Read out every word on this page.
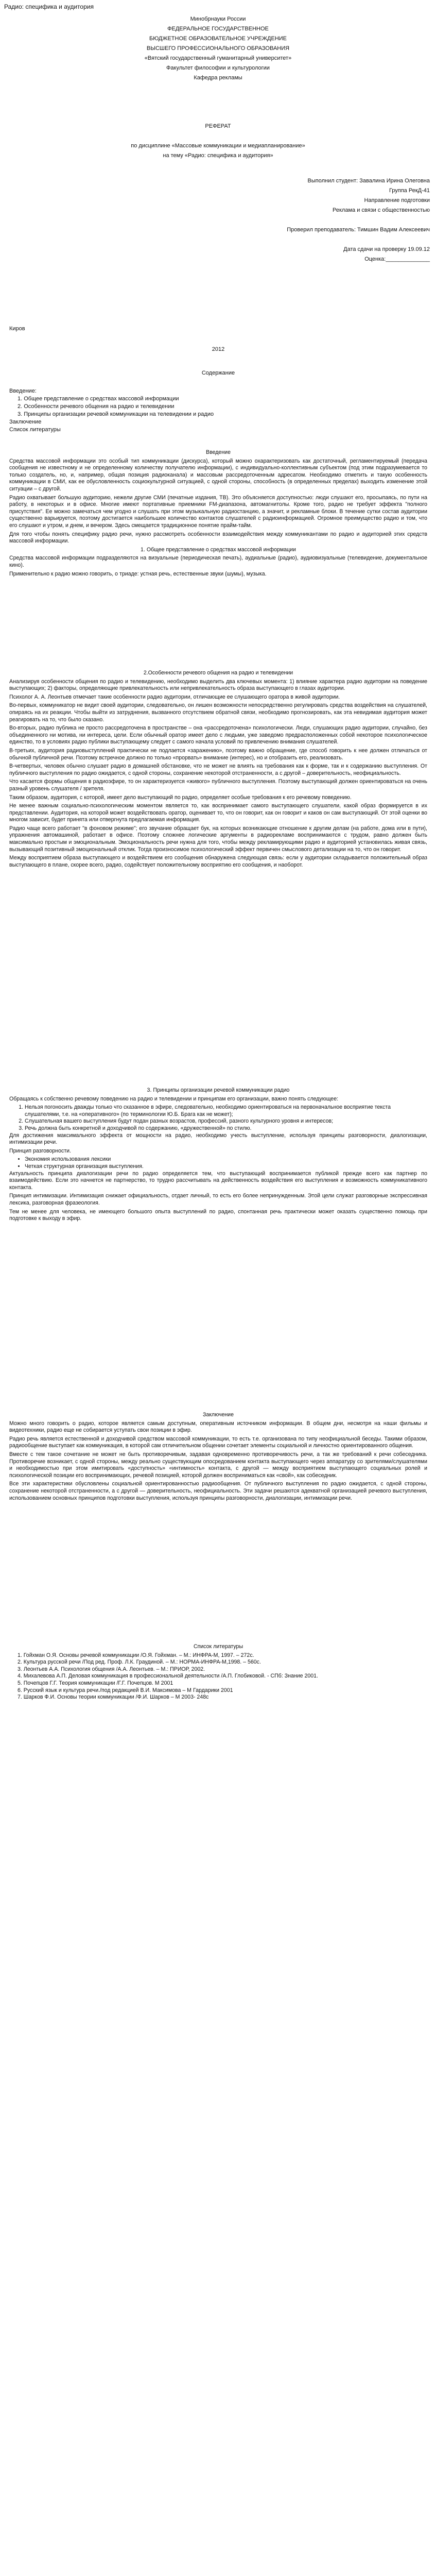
Радио: специфика и аудитория
Минобрнауки России
ФЕДЕРАЛЬНОЕ ГОСУДАРСТВЕННОЕ
БЮДЖЕТНОЕ ОБРАЗОВАТЕЛЬНОЕ УЧРЕЖДЕНИЕ
ВЫСШЕГО ПРОФЕССИОНАЛЬНОГО ОБРАЗОВАНИЯ
«Вятский государственный гуманитарный университет»
Факультет философии и культурологии
Кафедра рекламы
РЕФЕРАТ
по дисциплине «Массовые коммуникации и медиапланирование»
на тему «Радио: специфика и аудитория»
Выполнил студент: Завалина Ирина Олеговна
Группа РекД-41
Направление подготовки
Реклама и связи с общественностью
Проверил преподаватель: Тимшин Вадим Алексеевич
Дата сдачи на проверку 19.09.12
Оценка:______________
Киров
2012
Содержание
Введение:
1. Общее представление о средствах массовой информации
2. Особенности речевого общения на радио и телевидении
3. Принципы организации речевой коммуникации на телевидении и радио
Заключение
Список литературы

Введение

Средства массовой информации это особый тип коммуникации (дискурса), который можно охарактеризовать как достаточный, регламентируемый (передача сообщения не известному и не определенному количеству получателю информации), с индивидуально-коллективным субъектом (под этим подразумевается то только создатель, но, и, например, общая позиция радиоканала) и массовым рассредоточенным адресатом. Необходимо отметить и такую особенность коммуникации в СМИ, как ее обусловленность социокультурной ситуацией, с одной стороны, способность (в определенных пределах) выходить изменение этой ситуации – с другой.

Радио охватывает большую аудиторию, нежели другие СМИ (печатные издания, ТВ). Это объясняется доступностью: люди слушают его, просыпаясь, по пути на работу, в некоторых и в офисе. Многие имеют портативные приемники FM-диапазона, автомагнитолы. Кроме того, радио не требует эффекта "полного присутствия". Ее можно замечаться чем угодно и слушать при этом музыкальную радиостанцию, а значит, и рекламные блоки. В течение сутки состав аудитории существенно варьируется, поэтому достигается наибольшее количество контактов слушателей с радиоинформацией. Огромное преимущество радио и том, что его слушают и утром, и днем, и вечером. Здесь смещается традиционное понятие прайм-тайм.

Для того чтобы понять специфику радио речи, нужно рассмотреть особенности взаимодействия между коммуникантами по радио и аудиторией этих средств массовой информации.

1. Общее представление о средствах массовой информации

Средства массовой информации подразделяются на визуальные (периодическая печать), аудиальные (радио), аудиовизуальные (телевидение, документальное кино).

Применительно к радио можно говорить, о триаде: устная речь, естественные звуки (шумы), музыка.

2.Особенности речевого общения на радио и телевидении

Анализируя особенности общения по радио и телевидению, необходимо выделить два ключевых момента: 1) влияние характера радио аудитории на поведение выступающих; 2) факторы, определяющие привлекательность или непривлекательность образа выступающего в глазах аудитории.

Психолог А. А. Леонтьев отмечает такие особенности радио аудитории, отличающие ее слушающего оратора в живой аудитории.

Во-первых, коммуникатор не видит своей аудитории, следовательно, он лишен возможности непосредственно регулировать средства воздействия на слушателей, опираясь на их реакции. Чтобы выйти из затруднения, вызванного отсутствием обратной связи, необходимо прогнозировать, как эта невидимая аудитория может реагировать на то, что было сказано.

Во-вторых, радио публика не просто рассредоточена в пространстве – она «рассредоточена» психологически. Люди, слушающих радио аудитории, случайно, без объединенного ни мотива, ни интереса, цели. Если обычный оратор имеет дело с людьми, уже заведомо предрасположенных собой некоторое психологическое единство, то в условиях радио публики выступающему следует с самого начала условий по привлечению внимания слушателей.

В-третьих, аудитория радиовыступлений практически не подлается «заражению», поэтому важно обращение, где способ говорить к нее должен отличаться от обычной публичной речи. Поэтому встречное должно по только «прорвать» внимание (интерес), но и отобразить его, реализовать.

В-четвертых, человек обычно слушает радио в домашней обстановке, что не может не влиять на требования как к форме, так и к содержанию выступления. От публичного выступления по радио ожидается, с одной стороны, сохранение некоторой отстраненности, а с другой – доверительность, неофициальность.

Что касается формы общения в радиоэфире, то он характеризуется «живого» публичного выступления. Поэтому выступающий должен ориентироваться на очень разный уровень слушателя / зрителя.

Таким образом, аудитория, с которой, имеет дело выступающий по радио, определяет особые требования к его речевому поведению.

Не менее важным социально-психологическим моментом является то, как воспринимает самого выступающего слушатели, какой образ формируется в их представлении. Аудитория, на которой может воздействовать оратор, оценивает то, что он говорит, как он говорит и каков он сам выступающий. От этой оценки во многом зависит, будет принята или отвергнута предлагаемая информация.

Радио чаще всего работает "в фоновом режиме"; его звучание обращает бук, на которых возникающие отношение к другим делам (на работе, дома или в пути), упражнения автомашиной, работает в офисе. Поэтому сложнее логические аргументы в радиорекламе воспринимаются с трудом, равно должен быть максимально простым и эмоциональным. Эмоциональность речи нужна для того, чтобы между рекламирующими радио и аудиторией установилась живая связь, вызывающий позитивный эмоциональный отклик. Тогда произносимое психологический эффект первичен смыслового детализации на то, что он говорит.

Между восприятием образа выступающего и воздействием его сообщения обнаружена следующая связь: если у аудитории складывается положительный образ выступающего в плане, скорее всего, радио, содействует положительному восприятию его сообщения, и наоборот.

3. Принципы организации речевой коммуникации радио

Обращаясь к собственно речевому поведению на радио и телевидении и принципам его организации, важно понять следующее:

1. Нельзя погоносить дважды только что сказанное в эфире, следовательно, необходимо ориентироваться на первоначальное восприятие текста слушателями, т.е. на «оперативного» (по терминологии Ю.Б. Брага как не может);
2. Слушательная вашего выступления будут подан разных возрастов, профессий, разного культурного уровня и интересов;
3. Речь должна быть конкретной и доходчивой по содержанию, «дружественной» по стилю.

Для достижения максимального эффекта от мощности на радио, необходимо учесть выступление, используя принципы разговорности, диалогизации, интимизации речи.

Принцип разговорности.

• Экономия использования лексики
• Четкая структурная организация выступления.

Актуальность принципа диалогизации речи по радио определяется тем, что выступающий воспринимается публикой прежде всего как партнер по взаимодействию. Если это начнется не партнерство, то трудно рассчитывать на действенность воздействия его выступления и возможность коммуникативного контакта.

Принцип интимизации. Интимизация снижает официальность, отдает личный, то есть его более непринужденным. Этой цели служат разговорные экспрессивная лексика, разговорная фразеология.

Тем не менее для человека, не имеющего большого опыта выступлений по радио, спонтанная речь практически может оказать существенно помощь при подготовке к выходу в эфир.

Заключение

Можно много говорить о радио, которое является самым доступным, оперативным источником информации. В общем дни, несмотря на наши фильмы и видеотехники, радио еще не собирается уступать свои позиции в эфир.

Радио речь является естественной и доходчивой средством массовой коммуникации, то есть т.е. организована по типу неофициальной беседы. Такими образом, радиообщение выступает как коммуникация, в которой сам отличительном общении сочетает элементы социальной и личностно ориентированного общения.

Вместе с тем такое сочетание не может не быть противоречивым, задавая одновременно противоречивость речи, а так же требований к речи собеседника. Противоречие возникает, с одной стороны, между реально существующим опосредованием контакта выступающего через аппаратуру со зрителями/слушателями и необходимостью при этом имитировать «доступность» «интимность» контакта, с другой — между восприятием выступающего социальных ролей и психологической позиции его воспринимающих, речевой позицией, которой должен восприниматься как «свой», как собеседник.

Все эти характеристики обусловлены социальной ориентированностью радиообщения. От публичного выступления по радио ожидается, с одной стороны, сохранение некоторой отстраненности, а с другой — доверительность, неофициальность. Эти задачи решаются адекватной организацией речевого выступления, использованием основных принципов подготовки выступления, используя принципы разговорности, диалогизации, интимизации речи.

Список литературы

1. Гойхман О.Я. Основы речевой коммуникации /О.Я. Гойхман. – М.: ИНФРА-М, 1997. – 272с.
2. Культура русской речи /Под ред. Проф. Л.К. Граудиной. – М.: НОРМА-ИНФРА-М,1998. – 560с.
3. Леонтьев А.А. Психология общения /А.А. Леонтьев. – М.: ПРИОР, 2002.
4. Михалевова А.П. Деловая коммуникация в профессиональной деятельности /А.П. Глобиковой. - СПб: Знание 2001.
5. Почепцов Г.Г. Теория коммуникации /Г.Г. Почепцов. М 2001
6. Русский язык и культура речи./под редакцией В.И. Максимова – М Гардарики 2001
7. Шарков Ф.И. Основы теории коммуникации /Ф.И. Шарков – М 2003- 248с
